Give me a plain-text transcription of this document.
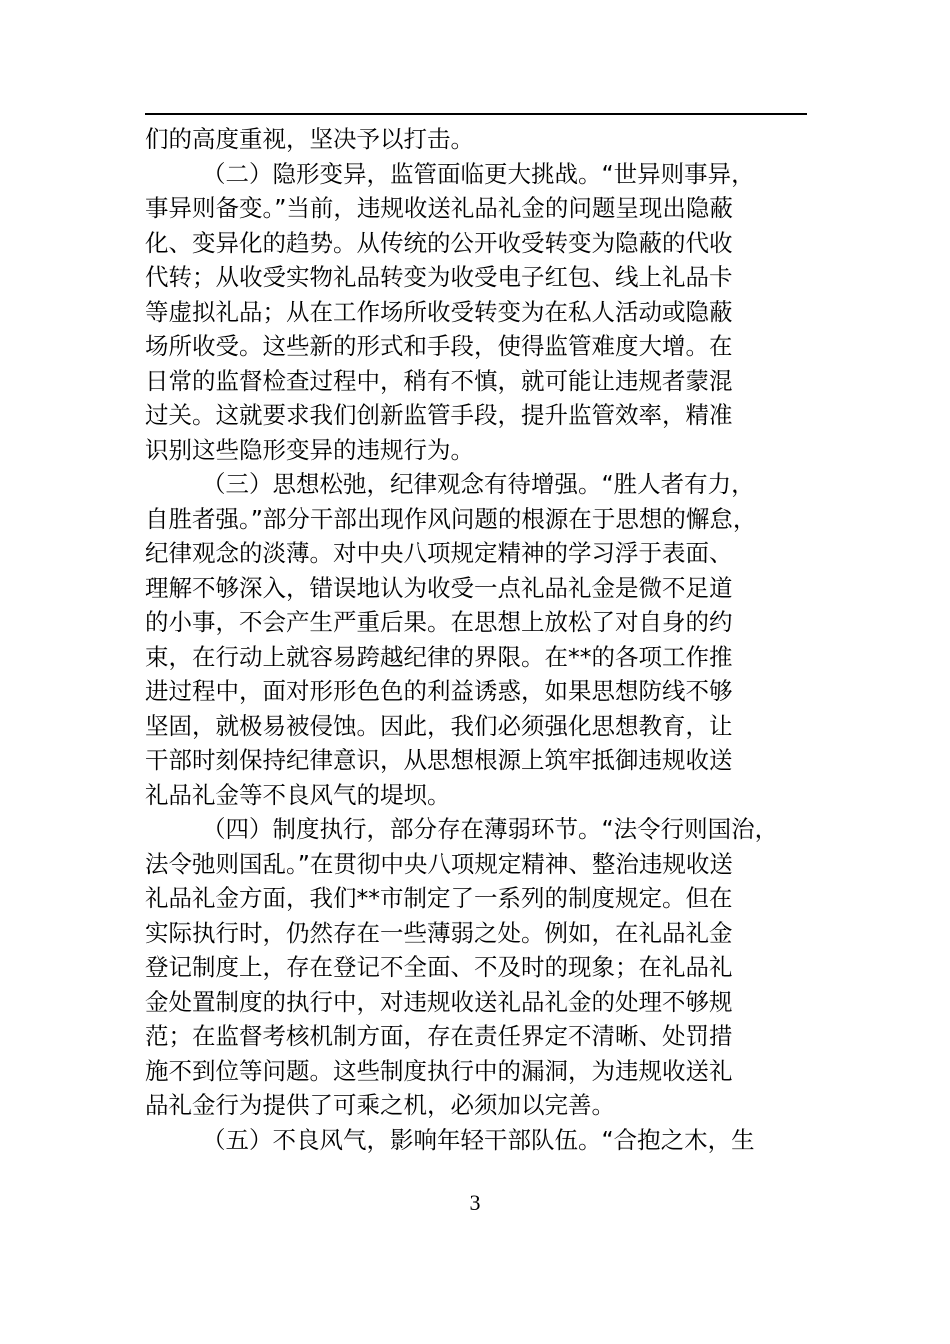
们的高度重视，坚决予以打击。
（二）隐形变异，监管面临更大挑战。“世异则事异，
事异则备变。”当前，违规收送礼品礼金的问题呈现出隐蔽
化、变异化的趋势。从传统的公开收受转变为隐蔽的代收
代转；从收受实物礼品转变为收受电子红包、线上礼品卡
等虚拟礼品；从在工作场所收受转变为在私人活动或隐蔽
场所收受。这些新的形式和手段，使得监管难度大增。在
日常的监督检查过程中，稍有不慎，就可能让违规者蒙混
过关。这就要求我们创新监管手段，提升监管效率，精准
识别这些隐形变异的违规行为。
（三）思想松弛，纪律观念有待增强。“胜人者有力，
自胜者强。”部分干部出现作风问题的根源在于思想的懈怠，
纪律观念的淡薄。对中央八项规定精神的学习浮于表面、
理解不够深入，错误地认为收受一点礼品礼金是微不足道
的小事，不会产生严重后果。在思想上放松了对自身的约
束，在行动上就容易跨越纪律的界限。在**的各项工作推
进过程中，面对形形色色的利益诱惑，如果思想防线不够
坚固，就极易被侵蚀。因此，我们必须强化思想教育，让
干部时刻保持纪律意识，从思想根源上筑牢抵御违规收送
礼品礼金等不良风气的堤坝。
（四）制度执行，部分存在薄弱环节。“法令行则国治，
法令弛则国乱。”在贯彻中央八项规定精神、整治违规收送
礼品礼金方面，我们**市制定了一系列的制度规定。但在
实际执行时，仍然存在一些薄弱之处。例如，在礼品礼金
登记制度上，存在登记不全面、不及时的现象；在礼品礼
金处置制度的执行中，对违规收送礼品礼金的处理不够规
范；在监督考核机制方面，存在责任界定不清晰、处罚措
施不到位等问题。这些制度执行中的漏洞，为违规收送礼
品礼金行为提供了可乘之机，必须加以完善。
（五）不良风气，影响年轻干部队伍。“合抱之木，生
3
